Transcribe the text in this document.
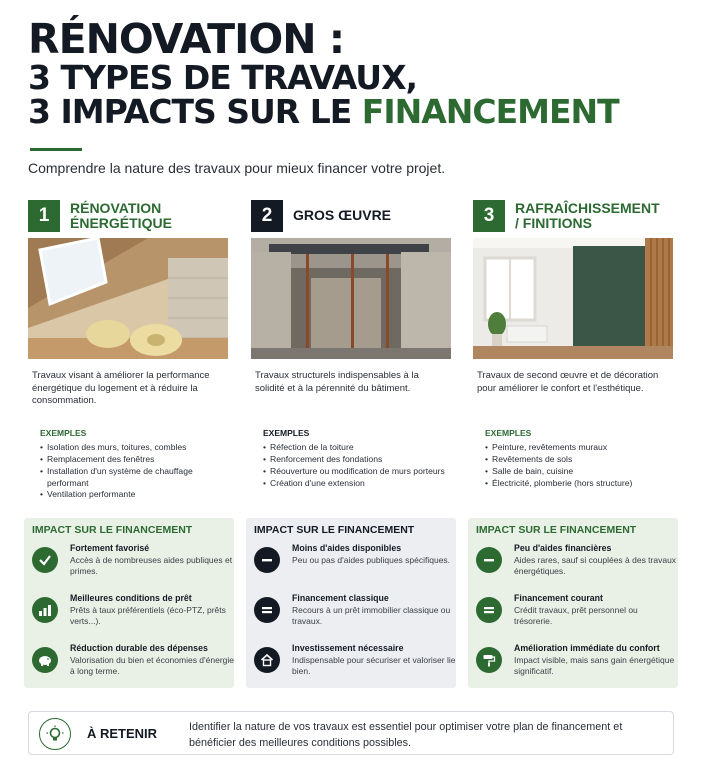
RÉNOVATION :
3 TYPES DE TRAVAUX,
3 IMPACTS SUR LE FINANCEMENT
Comprendre la nature des travaux pour mieux financer votre projet.
1	RÉNOVATION ÉNERGÉTIQUE
Travaux visant à améliorer la performance énergétique du logement et à réduire la consommation.
EXEMPLES
• Isolation des murs, toitures, combles
• Remplacement des fenêtres
• Installation d'un système de chauffage performant
• Ventilation performante
2	GROS ŒUVRE
Travaux structurels indispensables à la solidité et à la pérennité du bâtiment.
EXEMPLES
• Réfection de la toiture
• Renforcement des fondations
• Réouverture ou modification de murs porteurs
• Création d'une extension
3	RAFRAÎCHISSEMENT / FINITIONS
Travaux de second œuvre et de décoration pour améliorer le confort et l'esthétique.
EXEMPLES
• Peinture, revêtements muraux
• Revêtements de sols
• Salle de bain, cuisine
• Électricité, plomberie (hors structure)
IMPACT SUR LE FINANCEMENT
Fortement favorisé
Accès à de nombreuses aides publiques et primes.
Meilleures conditions de prêt
Prêts à taux préférentiels (éco-PTZ, prêts verts...).
Réduction durable des dépenses
Valorisation du bien et économies d'énergie à long terme.
IMPACT SUR LE FINANCEMENT
Moins d'aides disponibles
Peu ou pas d'aides publiques spécifiques.
Financement classique
Recours à un prêt immobilier classique ou travaux.
Investissement nécessaire
Indispensable pour sécuriser et valoriser lie bien.
IMPACT SUR LE FINANCEMENT
Peu d'aides financières
Aides rares, sauf si couplées à des travaux énergétiques.
Financement courant
Crédit travaux, prêt personnel ou trésorerie.
Amélioration immédiate du confort
Impact visible, mais sans gain énergétique significatif.
À RETENIR	Identifier la nature de vos travaux est essentiel pour optimiser votre plan de financement et bénéficier des meilleures conditions possibles.
